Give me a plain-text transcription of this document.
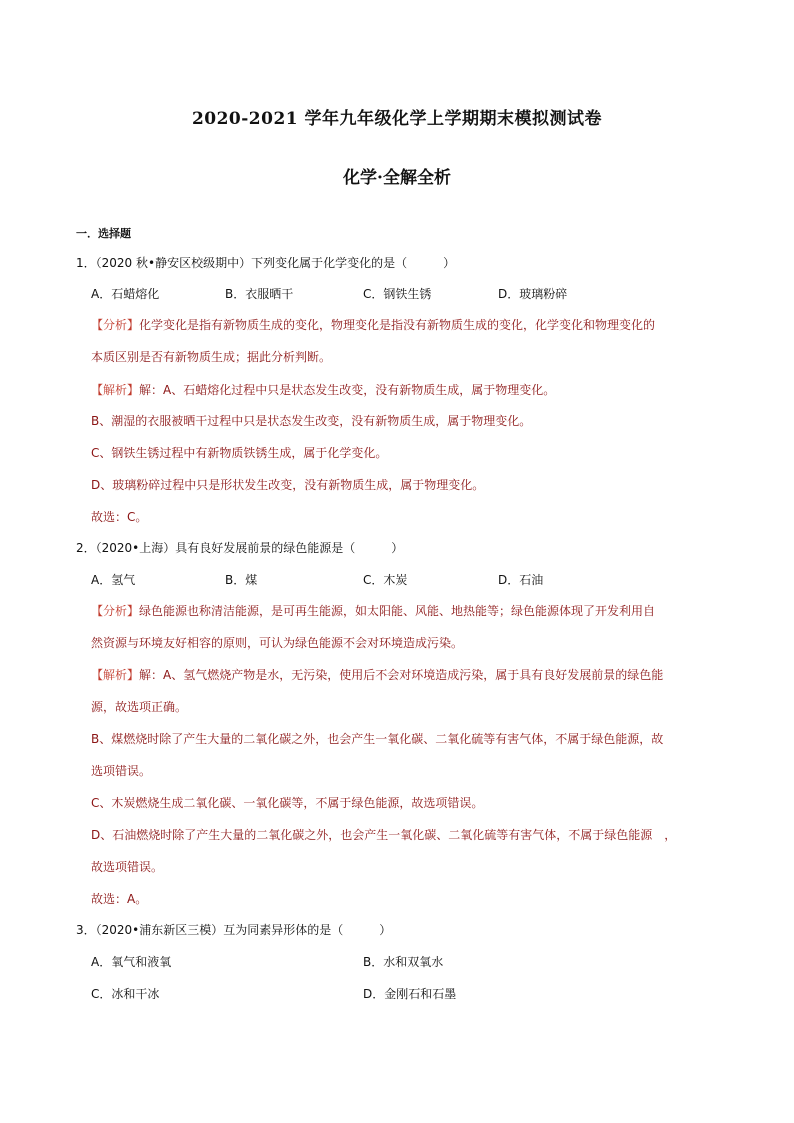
2020-2021 学年九年级化学上学期期末模拟测试卷
化学·全解全析
一．选择题
1．（2020 秋•静安区校级期中）下列变化属于化学变化的是（　　　）
A．石蜡熔化	B．衣服晒干	C．钢铁生锈	D．玻璃粉碎
【分析】化学变化是指有新物质生成的变化，物理变化是指没有新物质生成的变化，化学变化和物理变化的
本质区别是否有新物质生成；据此分析判断。
【解析】解：A、石蜡熔化过程中只是状态发生改变，没有新物质生成，属于物理变化。
B、潮湿的衣服被晒干过程中只是状态发生改变，没有新物质生成，属于物理变化。
C、钢铁生锈过程中有新物质铁锈生成，属于化学变化。
D、玻璃粉碎过程中只是形状发生改变，没有新物质生成，属于物理变化。
故选：C。
2．（2020•上海）具有良好发展前景的绿色能源是（　　　）
A．氢气	B．煤	C．木炭	D．石油
【分析】绿色能源也称清洁能源，是可再生能源，如太阳能、风能、地热能等；绿色能源体现了开发利用自
然资源与环境友好相容的原则，可认为绿色能源不会对环境造成污染。
【解析】解：A、氢气燃烧产物是水，无污染，使用后不会对环境造成污染，属于具有良好发展前景的绿色能
源，故选项正确。
B、煤燃烧时除了产生大量的二氧化碳之外，也会产生一氧化碳、二氧化硫等有害气体，不属于绿色能源，故
选项错误。
C、木炭燃烧生成二氧化碳、一氧化碳等，不属于绿色能源，故选项错误。
D、石油燃烧时除了产生大量的二氧化碳之外，也会产生一氧化碳、二氧化硫等有害气体，不属于绿色能源　，
故选项错误。
故选：A。
3．（2020•浦东新区三模）互为同素异形体的是（　　　）
A．氧气和液氧	B．水和双氧水
C．冰和干冰	D．金刚石和石墨
